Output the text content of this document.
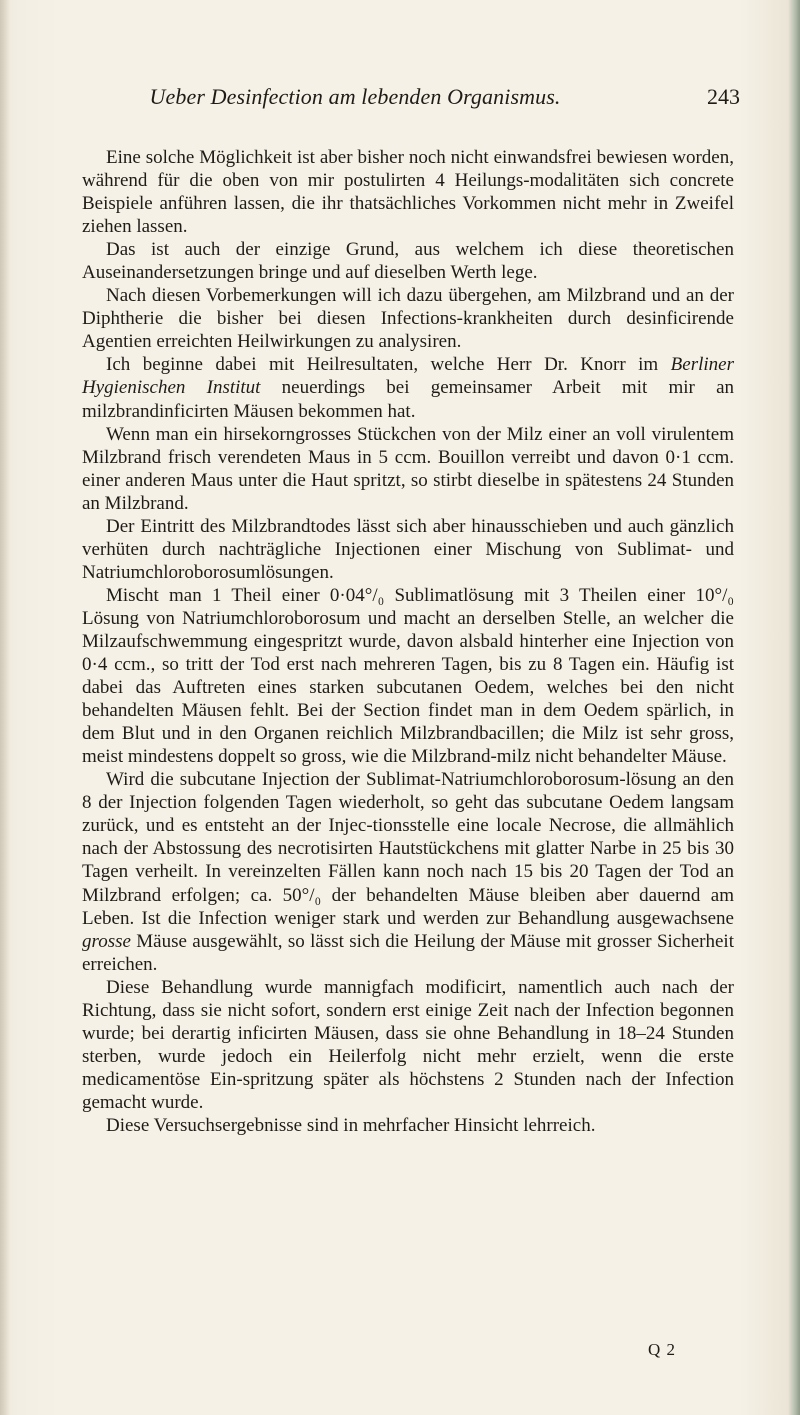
Ueber Desinfection am lebenden Organismus.	243

Eine solche Möglichkeit ist aber bisher noch nicht einwandsfrei bewiesen worden, während für die oben von mir postulirten 4 Heilungs-modalitäten sich concrete Beispiele anführen lassen, die ihr thatsächliches Vorkommen nicht mehr in Zweifel ziehen lassen.

Das ist auch der einzige Grund, aus welchem ich diese theoretischen Auseinandersetzungen bringe und auf dieselben Werth lege.

Nach diesen Vorbemerkungen will ich dazu übergehen, am Milzbrand und an der Diphtherie die bisher bei diesen Infections-krankheiten durch desinficirende Agentien erreichten Heilwirkungen zu analysiren.

Ich beginne dabei mit Heilresultaten, welche Herr Dr. Knorr im Berliner Hygienischen Institut neuerdings bei gemeinsamer Arbeit mit mir an milzbrandinficirten Mäusen bekommen hat.

Wenn man ein hirsekorngrosses Stückchen von der Milz einer an voll virulentem Milzbrand frisch verendeten Maus in 5 ccm. Bouillon verreibt und davon 0·1 ccm. einer anderen Maus unter die Haut spritzt, so stirbt dieselbe in spätestens 24 Stunden an Milzbrand.

Der Eintritt des Milzbrandtodes lässt sich aber hinausschieben und auch gänzlich verhüten durch nachträgliche Injectionen einer Mischung von Sublimat- und Natriumchloroborosumlösungen.

Mischt man 1 Theil einer 0·04°/₀ Sublimatlösung mit 3 Theilen einer 10°/₀ Lösung von Natriumchloroborosum und macht an derselben Stelle, an welcher die Milzaufschwemmung eingespritzt wurde, davon alsbald hinterher eine Injection von 0·4 ccm., so tritt der Tod erst nach mehreren Tagen, bis zu 8 Tagen ein. Häufig ist dabei das Auftreten eines starken subcutanen Oedem, welches bei den nicht behandelten Mäusen fehlt. Bei der Section findet man in dem Oedem spärlich, in dem Blut und in den Organen reichlich Milzbrandbacillen; die Milz ist sehr gross, meist mindestens doppelt so gross, wie die Milzbrand-milz nicht behandelter Mäuse.

Wird die subcutane Injection der Sublimat-Natriumchloroborosum-lösung an den 8 der Injection folgenden Tagen wiederholt, so geht das subcutane Oedem langsam zurück, und es entsteht an der Injec-tionsstelle eine locale Necrose, die allmählich nach der Abstossung des necrotisirten Hautstückchens mit glatter Narbe in 25 bis 30 Tagen verheilt. In vereinzelten Fällen kann noch nach 15 bis 20 Tagen der Tod an Milzbrand erfolgen; ca. 50°/₀ der behandelten Mäuse bleiben aber dauernd am Leben. Ist die Infection weniger stark und werden zur Behandlung ausgewachsene grosse Mäuse ausgewählt, so lässt sich die Heilung der Mäuse mit grosser Sicherheit erreichen.

Diese Behandlung wurde mannigfach modificirt, namentlich auch nach der Richtung, dass sie nicht sofort, sondern erst einige Zeit nach der Infection begonnen wurde; bei derartig inficirten Mäusen, dass sie ohne Behandlung in 18–24 Stunden sterben, wurde jedoch ein Heilerfolg nicht mehr erzielt, wenn die erste medicamentöse Ein-spritzung später als höchstens 2 Stunden nach der Infection gemacht wurde.

Diese Versuchsergebnisse sind in mehrfacher Hinsicht lehrreich.

Q 2
